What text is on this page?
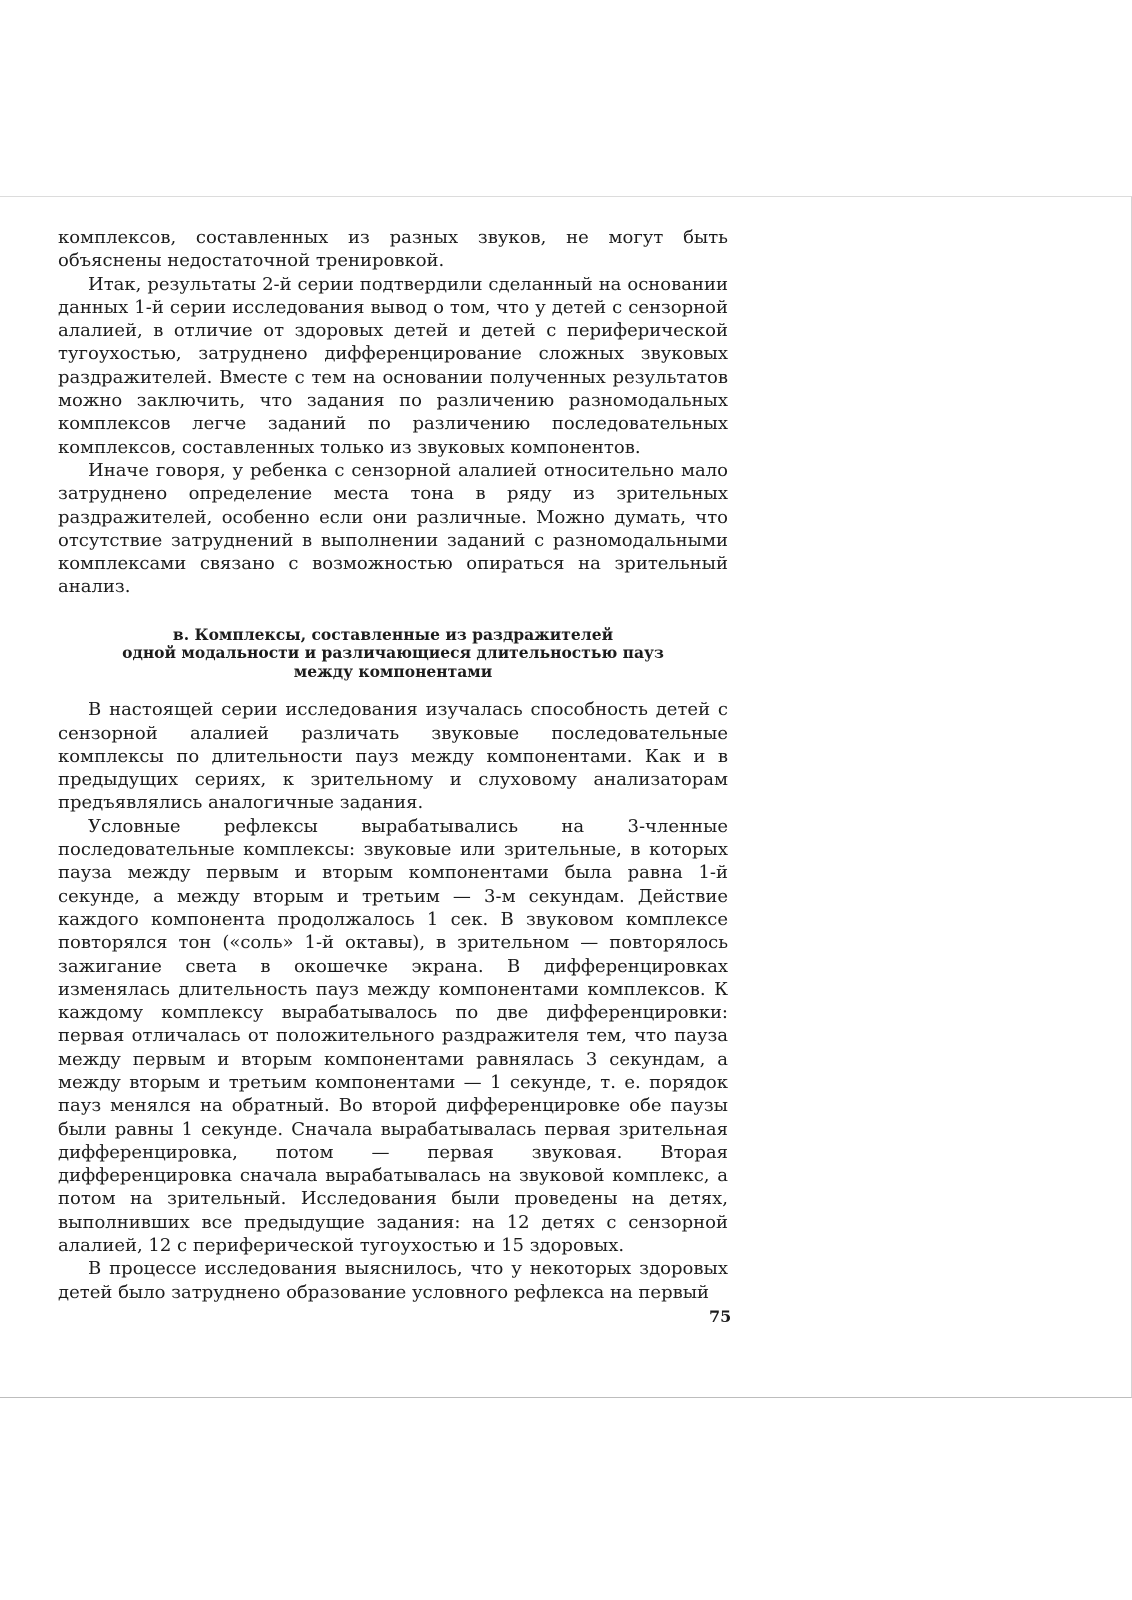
комплексов, составленных из разных звуков, не могут быть объяснены недостаточной тренировкой.

Итак, результаты 2-й серии подтвердили сделанный на основании данных 1-й серии исследования вывод о том, что у детей с сензорной алалией, в отличие от здоровых детей и детей с периферической тугоухостью, затруднено дифференцирование сложных звуковых раздражителей. Вместе с тем на основании полученных результатов можно заключить, что задания по различению разномодальных комплексов легче заданий по различению последовательных комплексов, составленных только из звуковых компонентов.

Иначе говоря, у ребенка с сензорной алалией относительно мало затруднено определение места тона в ряду из зрительных раздражителей, особенно если они различные. Можно думать, что отсутствие затруднений в выполнении заданий с разномодальными комплексами связано с возможностью опираться на зрительный анализ.

в. Комплексы, составленные из раздражителей
одной модальности и различающиеся длительностью пауз
между компонентами

В настоящей серии исследования изучалась способность детей с сензорной алалией различать звуковые последовательные комплексы по длительности пауз между компонентами. Как и в предыдущих сериях, к зрительному и слуховому анализаторам предъявлялись аналогичные задания.

Условные рефлексы вырабатывались на 3-членные последовательные комплексы: звуковые или зрительные, в которых пауза между первым и вторым компонентами была равна 1-й секунде, а между вторым и третьим — 3-м секундам. Действие каждого компонента продолжалось 1 сек. В звуковом комплексе повторялся тон («соль» 1-й октавы), в зрительном — повторялось зажигание света в окошечке экрана. В дифференцировках изменялась длительность пауз между компонентами комплексов. К каждому комплексу вырабатывалось по две дифференцировки: первая отличалась от положительного раздражителя тем, что пауза между первым и вторым компонентами равнялась 3 секундам, а между вторым и третьим компонентами — 1 секунде, т. е. порядок пауз менялся на обратный. Во второй дифференцировке обе паузы были равны 1 секунде. Сначала вырабатывалась первая зрительная дифференцировка, потом — первая звуковая. Вторая дифференцировка сначала вырабатывалась на звуковой комплекс, а потом на зрительный. Исследования были проведены на детях, выполнивших все предыдущие задания: на 12 детях с сензорной алалией, 12 с периферической тугоухостью и 15 здоровых.

В процессе исследования выяснилось, что у некоторых здоровых детей было затруднено образование условного рефлекса на первый

75
